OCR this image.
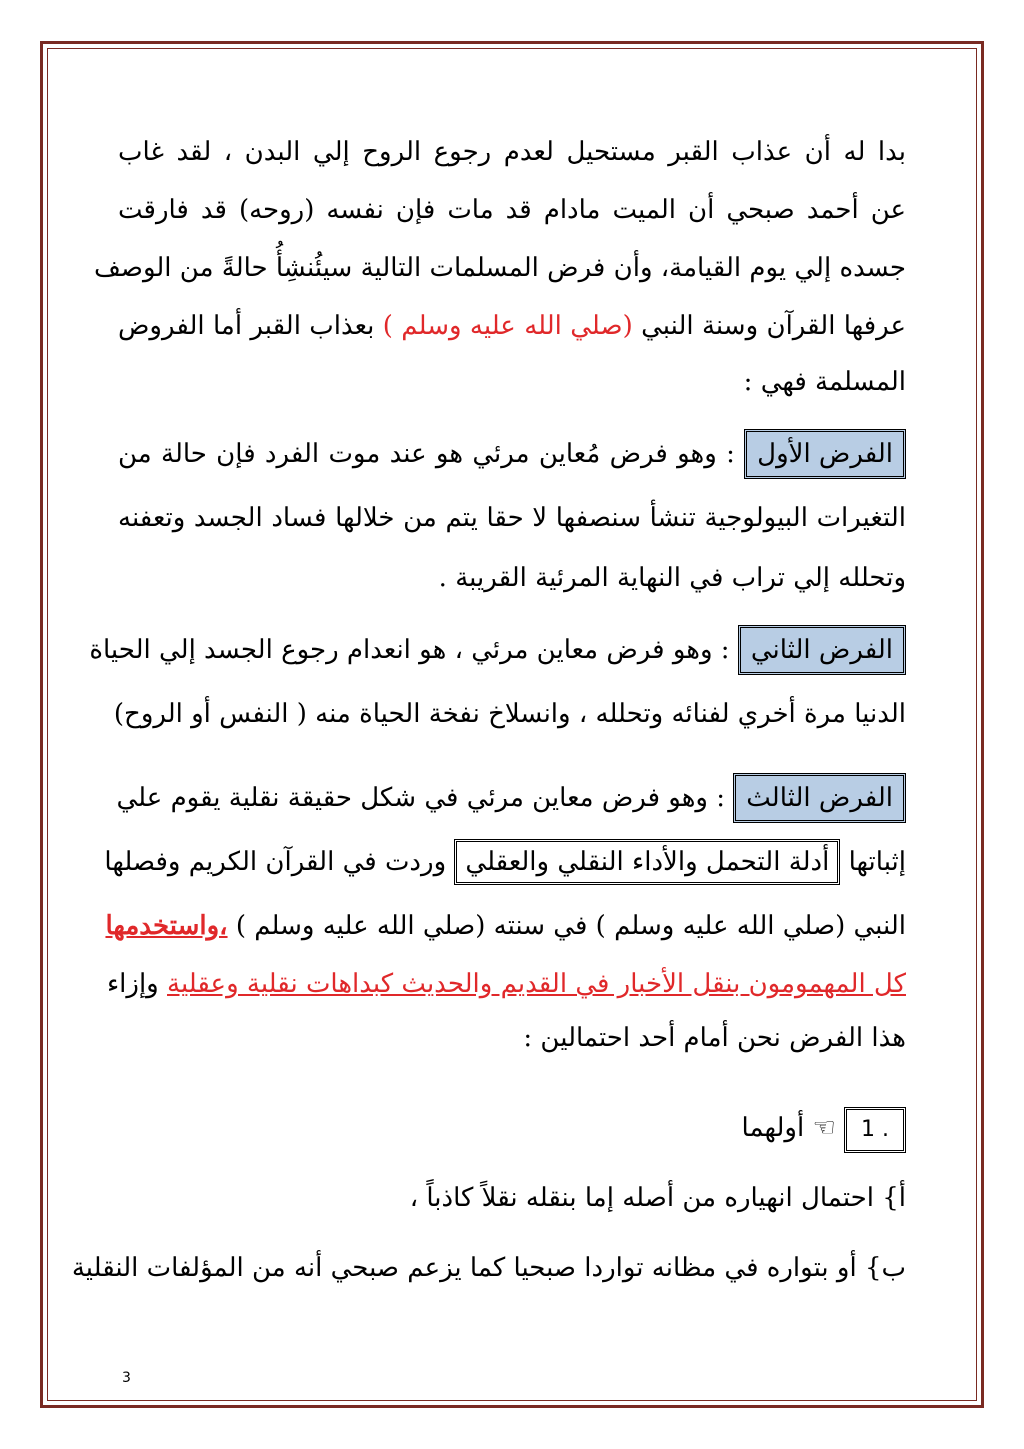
بدا له أن عذاب القبر مستحيل لعدم رجوع الروح إلي البدن ، لقد غاب
عن أحمد صبحي أن الميت مادام قد مات فإن نفسه (روحه) قد فارقت
جسده إلي يوم القيامة، وأن فرض المسلمات التالية سيئُنشِأُ حالةً من الوصف
عرفها القرآن وسنة النبي (صلي الله عليه وسلم ) بعذاب القبر أما الفروض
المسلمة فهي :
الفرض الأول : وهو فرض مُعاين مرئي هو عند موت الفرد فإن حالة من
التغيرات البيولوجية تنشأ سنصفها لا حقا يتم من خلالها فساد الجسد وتعفنه
وتحلله إلي تراب في النهاية المرئية القريبة .
الفرض الثاني : وهو فرض معاين مرئي ، هو انعدام رجوع الجسد إلي الحياة
الدنيا مرة أخري لفنائه وتحلله ، وانسلاخ نفخة الحياة منه ( النفس أو الروح)
الفرض الثالث : وهو فرض معاين مرئي في شكل حقيقة نقلية يقوم علي
إثباتها أدلة التحمل والأداء النقلي والعقلي وردت في القرآن الكريم وفصلها
النبي (صلي الله عليه وسلم ) في سنته (صلي الله عليه وسلم ) ،واستخدمها
كل المهمومون بنقل الأخبار في القديم والحديث كبداهات نقلية وعقلية وإزاء
هذا الفرض نحن أمام أحد احتمالين :
1 . ☜ أولهما
أ} احتمال انهياره من أصله إما بنقله نقلاً كاذباً ،
ب} أو بتواره في مظانه تواردا صبحيا كما يزعم صبحي أنه من المؤلفات النقلية
3
